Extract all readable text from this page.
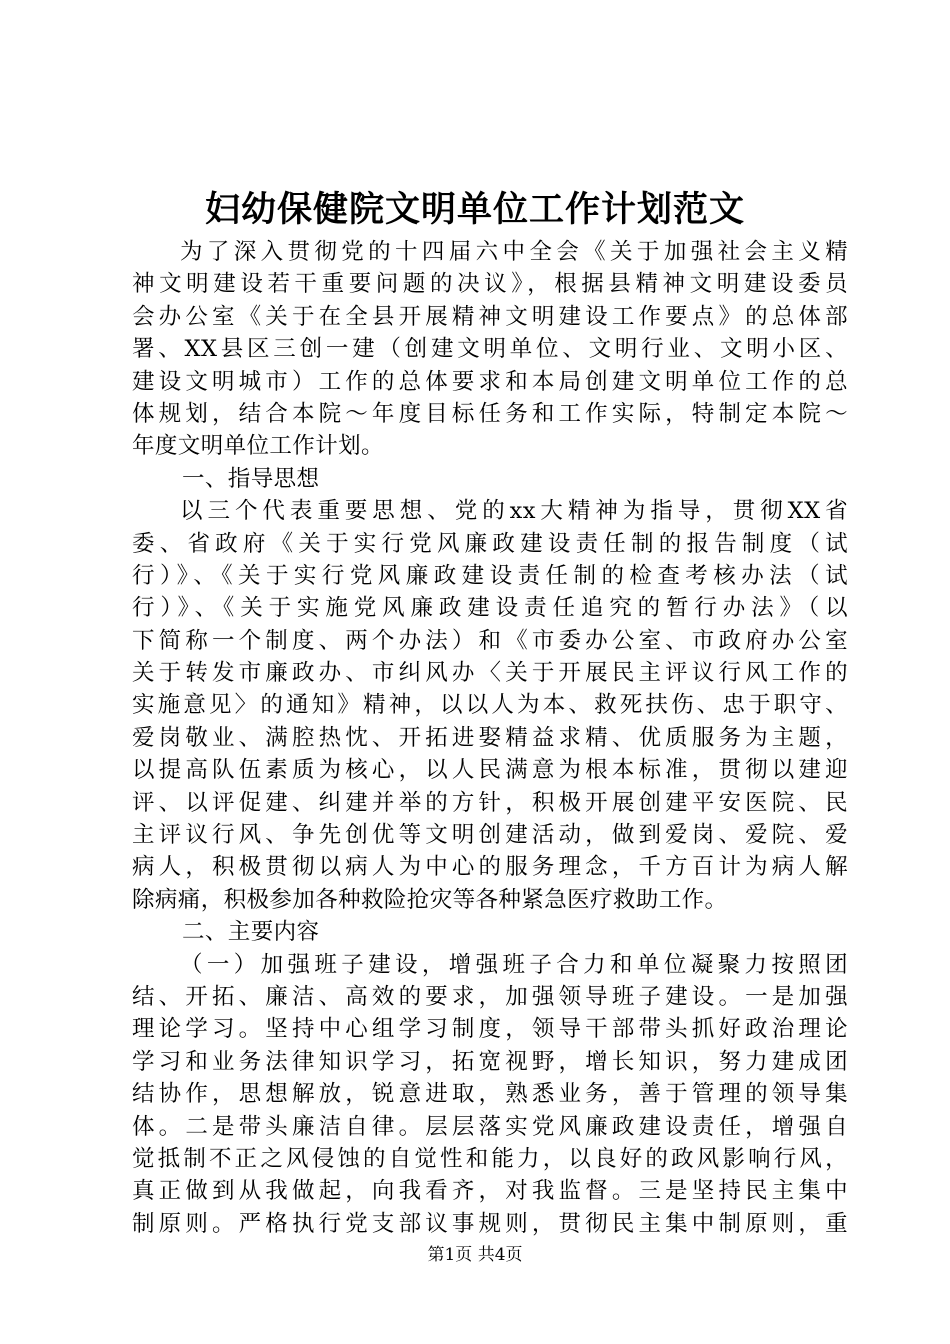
妇幼保健院文明单位工作计划范文
为了深入贯彻党的十四届六中全会《关于加强社会主义精
神文明建设若干重要问题的决议》，根据县精神文明建设委员
会办公室《关于在全县开展精神文明建设工作要点》的总体部
署、XX县区三创一建（创建文明单位、文明行业、文明小区、
建设文明城市）工作的总体要求和本局创建文明单位工作的总
体规划，结合本院～年度目标任务和工作实际，特制定本院～
年度文明单位工作计划。
一、指导思想
以三个代表重要思想、党的xx大精神为指导，贯彻XX省
委、省政府《关于实行党风廉政建设责任制的报告制度（试
行）》、《关于实行党风廉政建设责任制的检查考核办法（试
行）》、《关于实施党风廉政建设责任追究的暂行办法》（以
下简称一个制度、两个办法）和《市委办公室、市政府办公室
关于转发市廉政办、市纠风办〈关于开展民主评议行风工作的
实施意见〉的通知》精神，以以人为本、救死扶伤、忠于职守、
爱岗敬业、满腔热忱、开拓进娶精益求精、优质服务为主题，
以提高队伍素质为核心，以人民满意为根本标准，贯彻以建迎
评、以评促建、纠建并举的方针，积极开展创建平安医院、民
主评议行风、争先创优等文明创建活动，做到爱岗、爱院、爱
病人，积极贯彻以病人为中心的服务理念，千方百计为病人解
除病痛，积极参加各种救险抢灾等各种紧急医疗救助工作。
二、主要内容
（一）加强班子建设，增强班子合力和单位凝聚力按照团
结、开拓、廉洁、高效的要求，加强领导班子建设。一是加强
理论学习。坚持中心组学习制度，领导干部带头抓好政治理论
学习和业务法律知识学习，拓宽视野，增长知识，努力建成团
结协作，思想解放，锐意进取，熟悉业务，善于管理的领导集
体。二是带头廉洁自律。层层落实党风廉政建设责任，增强自
觉抵制不正之风侵蚀的自觉性和能力，以良好的政风影响行风，
真正做到从我做起，向我看齐，对我监督。三是坚持民主集中
制原则。严格执行党支部议事规则，贯彻民主集中制原则，重
第1页 共4页
